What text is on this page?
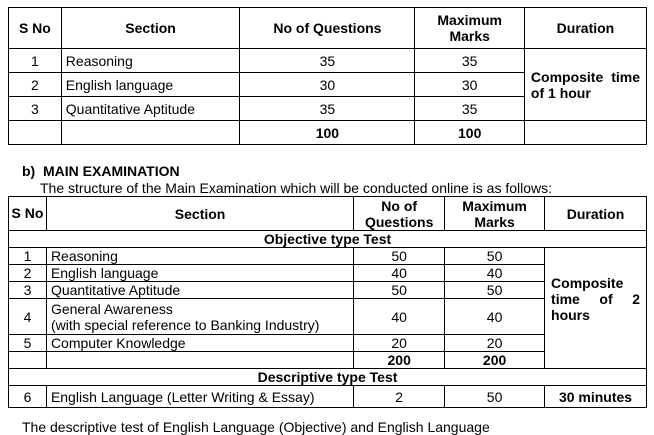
S No	Section	No of Questions	Maximum Marks	Duration
1	Reasoning	35	35	Composite time
of 1 hour

2	English language	30	30	
3	Quantitative Aptitude	35	35	
		100	100	
b) MAIN EXAMINATION
The structure of the Main Examination which will be conducted online is as follows:
S No	Section	No of Questions	Maximum Marks	Duration
Objective type Test				
1	Reasoning	50	50	Composite
time of 2
hours

2	English language	40	40	
3	Quantitative Aptitude	50	50	
4	General Awareness
(with special reference to Banking Industry)	40	40	
5	Computer Knowledge	20	20	
		200	200	
Descriptive type Test				
6	English Language (Letter Writing & Essay)	2	50	30 minutes
The descriptive test of English Language (Objective) and English Language
